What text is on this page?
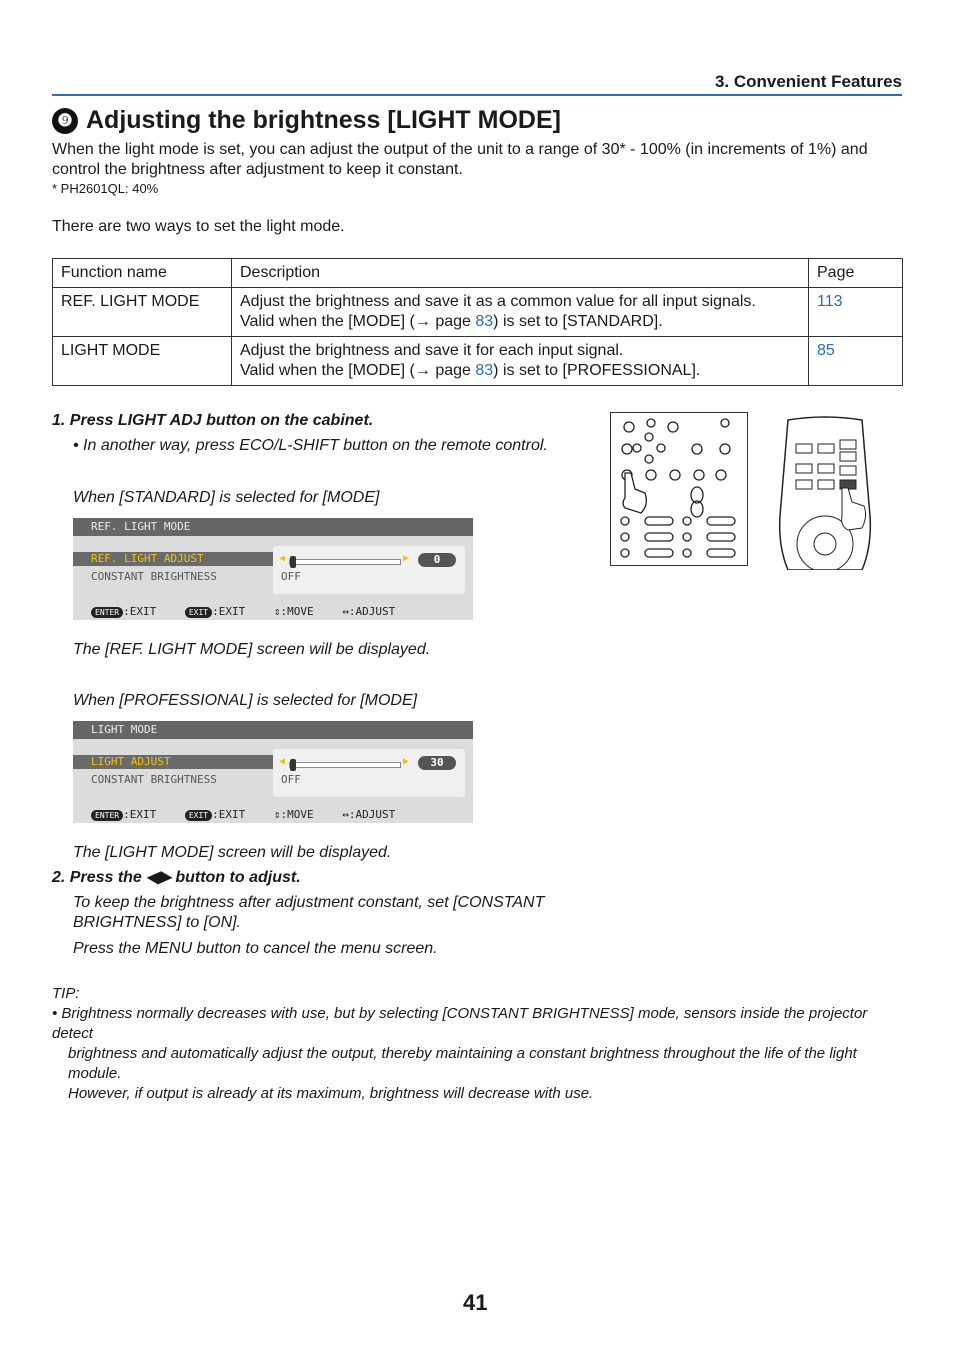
3. Convenient Features
❾ Adjusting the brightness [LIGHT MODE]
When the light mode is set, you can adjust the output of the unit to a range of 30* - 100% (in increments of 1%) and
control the brightness after adjustment to keep it constant.
* PH2601QL: 40%
There are two ways to set the light mode.
Function name	Description	Page
REF. LIGHT MODE	Adjust the brightness and save it as a common value for all input signals.
Valid when the [MODE] (→ page 83) is set to [STANDARD].	113
LIGHT MODE	Adjust the brightness and save it for each input signal.
Valid when the [MODE] (→ page 83) is set to [PROFESSIONAL].	85
1. Press LIGHT ADJ button on the cabinet.
• In another way, press ECO/L-SHIFT button on the remote control.
When [STANDARD] is selected for [MODE]
REF. LIGHT MODE
REF. LIGHT ADJUST
CONSTANT BRIGHTNESS
◀	▶	0
OFF
ENTER :EXIT	EXIT :EXIT	⇕:MOVE	↔:ADJUST
The [REF. LIGHT MODE] screen will be displayed.
When [PROFESSIONAL] is selected for [MODE]
LIGHT MODE
LIGHT ADJUST
CONSTANT BRIGHTNESS
◀	▶	30
OFF
ENTER :EXIT	EXIT :EXIT	⇕:MOVE	↔:ADJUST
The [LIGHT MODE] screen will be displayed.
2. Press the ◀▶ button to adjust.
To keep the brightness after adjustment constant, set [CONSTANT
BRIGHTNESS] to [ON].
Press the MENU button to cancel the menu screen.
TIP:
• Brightness normally decreases with use, but by selecting [CONSTANT BRIGHTNESS] mode, sensors inside the projector detect
brightness and automatically adjust the output, thereby maintaining a constant brightness throughout the life of the light module.
However, if output is already at its maximum, brightness will decrease with use.
41
